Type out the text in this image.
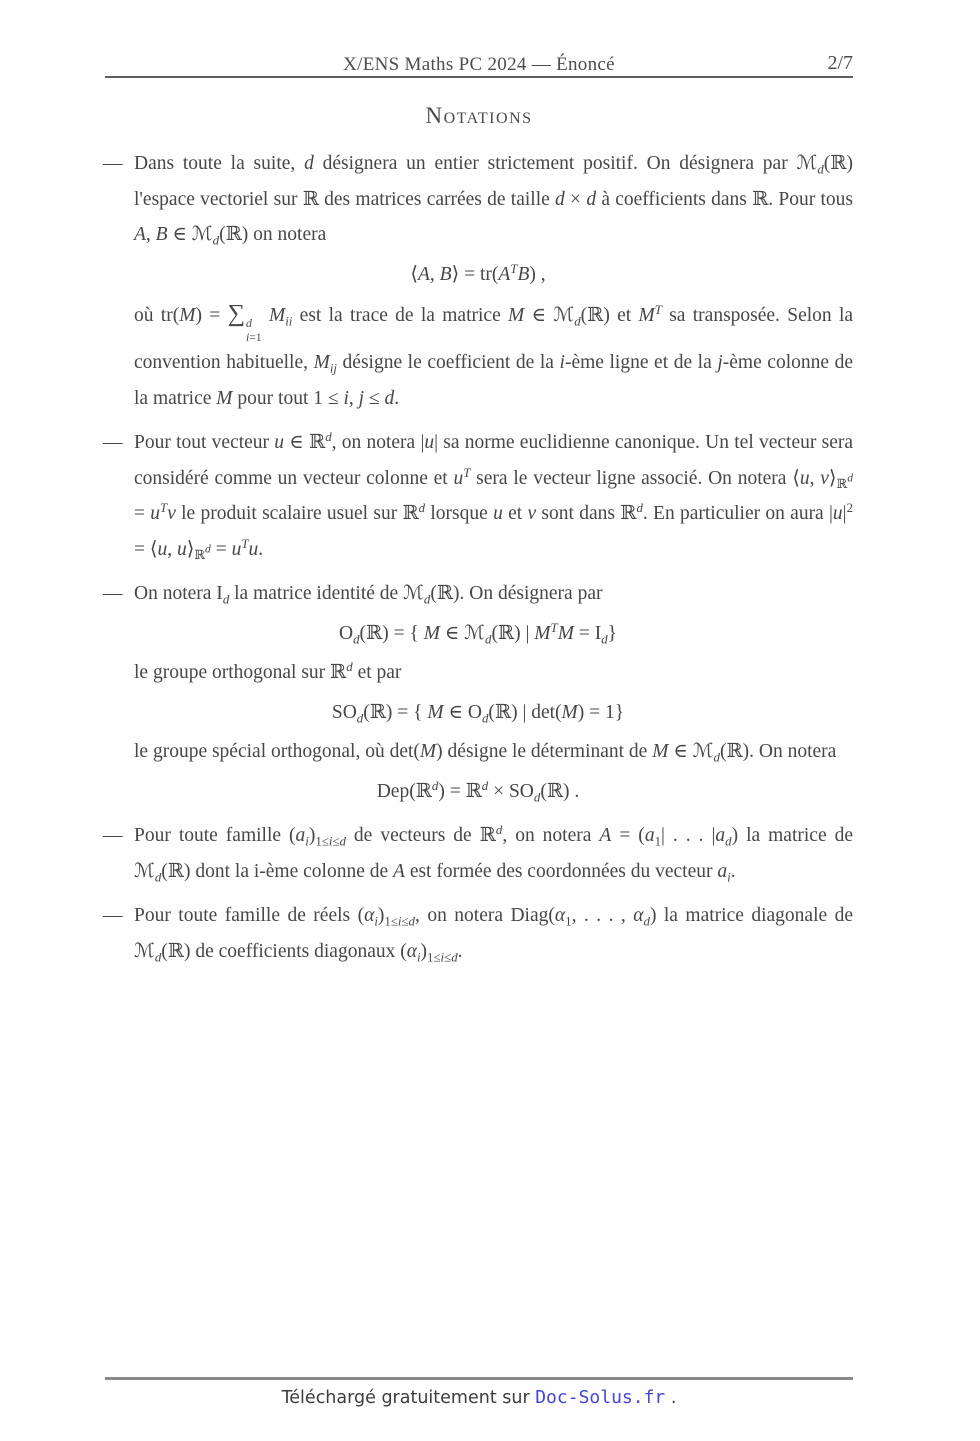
X/ENS Maths PC 2024 — Énoncé	2/7
Notations
— Dans toute la suite, d désignera un entier strictement positif. On désignera par ℳ$_d$(ℝ) l'espace vectoriel sur ℝ des matrices carrées de taille d × d à coefficients dans ℝ. Pour tous A, B ∈ ℳ$_d$(ℝ) on notera
⟨A, B⟩ = $tr(A^TB)$ ,
où tr(M) = ∑ d
i=1
$M_{ii}$ est la trace de la matrice M ∈ ℳ$_d$(ℝ) et $M^T$ sa transposée. Selon la convention habituelle, $M_{ij}$ désigne le coefficient de la i-ème ligne et de la j-ème colonne de la matrice M pour tout 1 ≤ i, j ≤ d.
— Pour tout vecteur u ∈ ℝ$^d$, on notera |u| sa norme euclidienne canonique. Un tel vecteur sera considéré comme un vecteur colonne et $u^T$ sera le vecteur ligne associé. On notera ⟨u, $v⟩_{ℝ^d} = u^Tv$ le produit scalaire usuel sur ℝ$^d$ lorsque u et v sont dans ℝ$^d$. En particulier on aura $|u|^2$ = ⟨u, $u⟩_{ℝ^d} = u^Tu$.
— On notera $I_d$ la matrice identité de ℳ$_d$(ℝ). On désignera par
$O_d(ℝ)$ = { M ∈ ℳ$_d$(ℝ) | $M^TM = I_d$}
le groupe orthogonal sur ℝ$^d$ et par
$SO_d(ℝ)$ = { M ∈ $O_d(ℝ)$ | det(M) = 1}
le groupe spécial orthogonal, où det(M) désigne le déterminant de M ∈ ℳ$_d$(ℝ). On notera
Dep(ℝ$^d$) = ℝ$^d$ × $SO_d(ℝ)$ .
— Pour toute famille $(a_i)_{1\le i\le d}$ de vecteurs de ℝ$^d$, on notera $A = (a_1|$ . . . $|a_d$) la matrice de ℳ$_d$(ℝ) dont la i-ème colonne de A est formée des coordonnées du vecteur $a_i$.
— Pour toute famille de réels $(\alpha_i)_{1\le i\le d}$, on notera $Diag(\alpha_1$, . . . , $\alpha_d$) la matrice diagonale de ℳ$_d$(ℝ) de coefficients diagonaux $(\alpha_i)_{1\le i\le d}$.
Téléchargé gratuitement sur Doc-Solus.fr .
